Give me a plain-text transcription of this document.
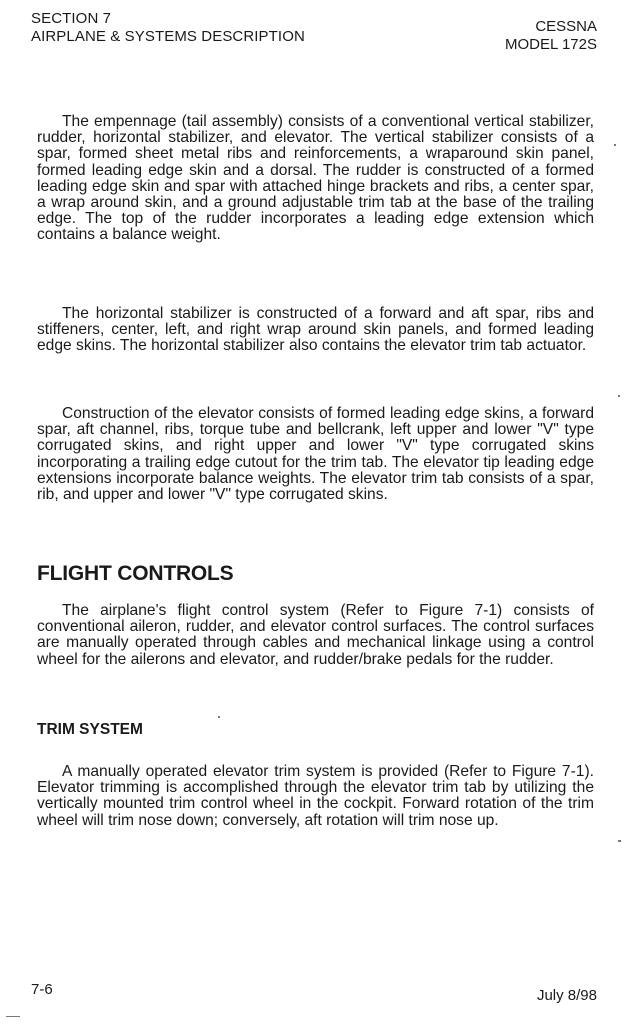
SECTION 7
AIRPLANE & SYSTEMS DESCRIPTION
CESSNA
MODEL 172S

The empennage (tail assembly) consists of a conventional vertical stabilizer, rudder, horizontal stabilizer, and elevator. The vertical stabilizer consists of a spar, formed sheet metal ribs and reinforcements, a wraparound skin panel, formed leading edge skin and a dorsal. The rudder is constructed of a formed leading edge skin and spar with attached hinge brackets and ribs, a center spar, a wrap around skin, and a ground adjustable trim tab at the base of the trailing edge. The top of the rudder incorporates a leading edge extension which contains a balance weight.

The horizontal stabilizer is constructed of a forward and aft spar, ribs and stiffeners, center, left, and right wrap around skin panels, and formed leading edge skins. The horizontal stabilizer also contains the elevator trim tab actuator.

Construction of the elevator consists of formed leading edge skins, a forward spar, aft channel, ribs, torque tube and bellcrank, left upper and lower "V" type corrugated skins, and right upper and lower "V" type corrugated skins incorporating a trailing edge cutout for the trim tab. The elevator tip leading edge extensions incorporate balance weights. The elevator trim tab consists of a spar, rib, and upper and lower "V" type corrugated skins.

FLIGHT CONTROLS

The airplane's flight control system (Refer to Figure 7-1) consists of conventional aileron, rudder, and elevator control surfaces. The control surfaces are manually operated through cables and mechanical linkage using a control wheel for the ailerons and elevator, and rudder/brake pedals for the rudder.

TRIM SYSTEM

A manually operated elevator trim system is provided (Refer to Figure 7-1). Elevator trimming is accomplished through the elevator trim tab by utilizing the vertically mounted trim control wheel in the cockpit. Forward rotation of the trim wheel will trim nose down; conversely, aft rotation will trim nose up.

7-6	July 8/98
